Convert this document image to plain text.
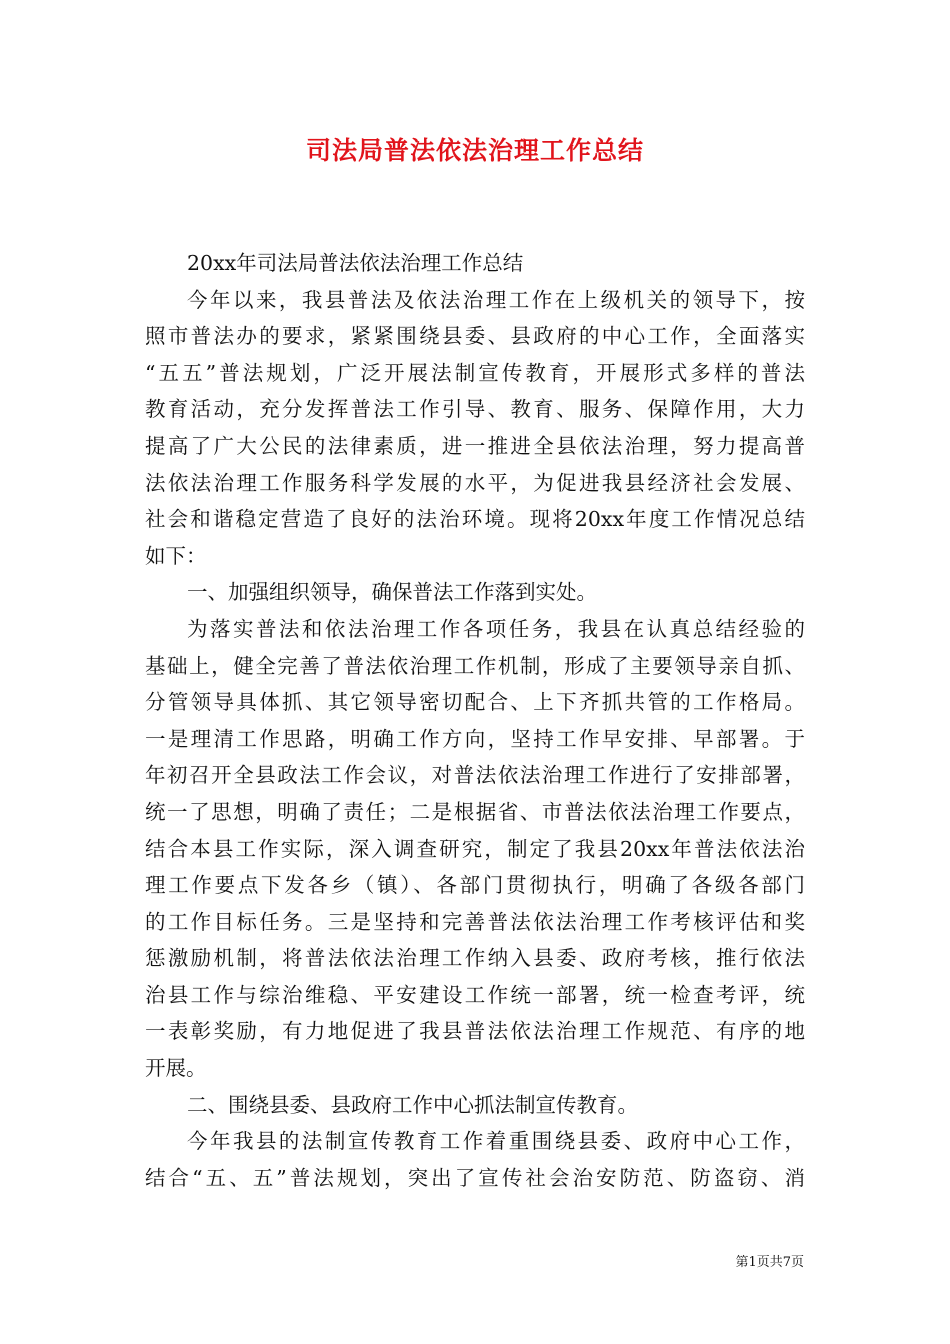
司法局普法依法治理工作总结
20xx年司法局普法依法治理工作总结
今年以来，我县普法及依法治理工作在上级机关的领导下，按
照市普法办的要求，紧紧围绕县委、县政府的中心工作，全面落实
“五五”普法规划，广泛开展法制宣传教育，开展形式多样的普法
教育活动，充分发挥普法工作引导、教育、服务、保障作用，大力
提高了广大公民的法律素质，进一推进全县依法治理，努力提高普
法依法治理工作服务科学发展的水平，为促进我县经济社会发展、
社会和谐稳定营造了良好的法治环境。现将20xx年度工作情况总结
如下：
一、加强组织领导，确保普法工作落到实处。
为落实普法和依法治理工作各项任务，我县在认真总结经验的
基础上，健全完善了普法依治理工作机制，形成了主要领导亲自抓、
分管领导具体抓、其它领导密切配合、上下齐抓共管的工作格局。
一是理清工作思路，明确工作方向，坚持工作早安排、早部署。于
年初召开全县政法工作会议，对普法依法治理工作进行了安排部署，
统一了思想，明确了责任；二是根据省、市普法依法治理工作要点，
结合本县工作实际，深入调查研究，制定了我县20xx年普法依法治
理工作要点下发各乡（镇）、各部门贯彻执行，明确了各级各部门
的工作目标任务。三是坚持和完善普法依法治理工作考核评估和奖
惩激励机制，将普法依法治理工作纳入县委、政府考核，推行依法
治县工作与综治维稳、平安建设工作统一部署，统一检查考评，统
一表彰奖励，有力地促进了我县普法依法治理工作规范、有序的地
开展。
二、围绕县委、县政府工作中心抓法制宣传教育。
今年我县的法制宣传教育工作着重围绕县委、政府中心工作，
结合“五、五”普法规划，突出了宣传社会治安防范、防盗窃、消
第1页共7页
